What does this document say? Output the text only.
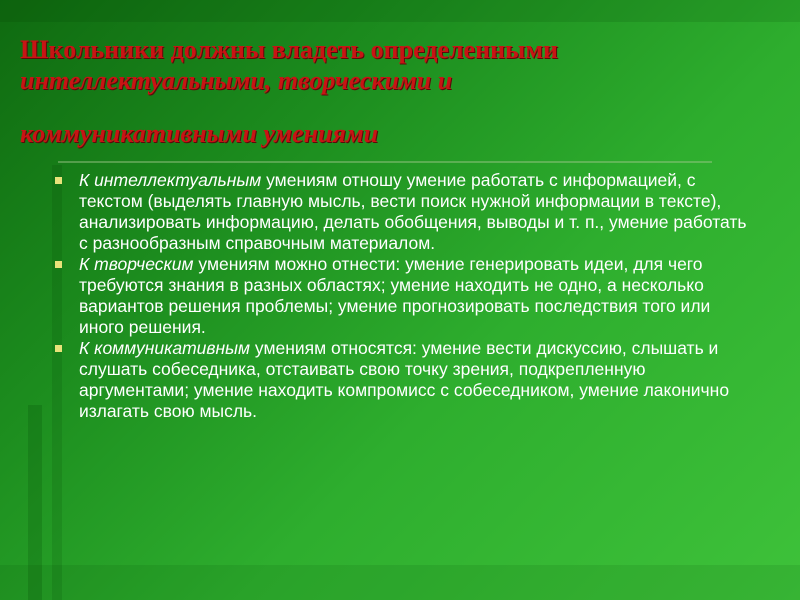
Школьники должны владеть определенными
интеллектуальными, творческими и
коммуникативными умениями
К интеллектуальным умениям отношу умение работать с информацией, с текстом (выделять главную мысль, вести поиск нужной информации в тексте), анализировать информацию, делать обобщения, выводы и т. п., умение работать с разнообразным справочным материалом.
К творческим умениям можно отнести: умение генерировать идеи, для чего требуются знания в разных областях; умение находить не одно, а несколько вариантов решения проблемы; умение прогнозировать последствия того или иного решения.
К коммуникативным умениям относятся: умение вести дискуссию, слышать и слушать собеседника, отстаивать свою точку зрения, подкрепленную аргументами; умение находить компромисс с собеседником, умение лаконично излагать свою мысль.
